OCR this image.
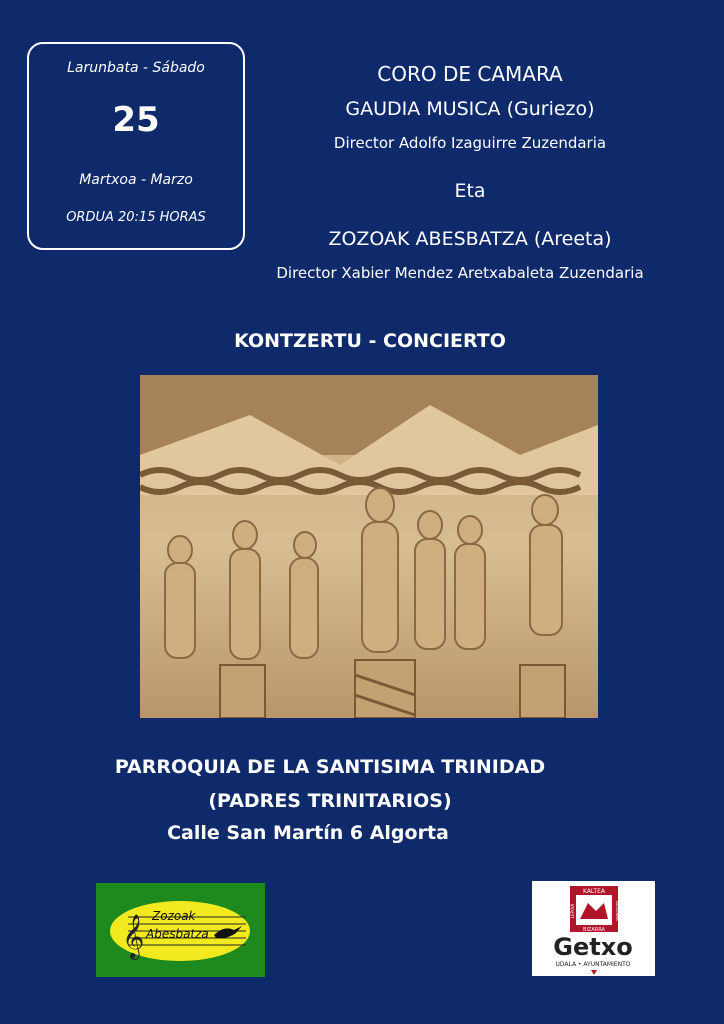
Larunbata - Sábado
25
Martxoa - Marzo
ORDUA 20:15 HORAS
CORO DE CAMARA
GAUDIA MUSICA (Guriezo)
Director Adolfo Izaguirre Zuzendaria
Eta
ZOZOAK ABESBATZA (Areeta)
Director Xabier Mendez Aretxabaleta Zuzendaria
KONTZERTU - CONCIERTO
PARROQUIA DE LA SANTISIMA TRINIDAD
(PADRES TRINITARIOS)
Calle San Martín 6 Algorta
𝄞 Zozoak
Abesbatza
KALTEA
BIZARRA
LEPOIA	DEGUNAK
Getxo
UDALA • AYUNTAMIENTO
